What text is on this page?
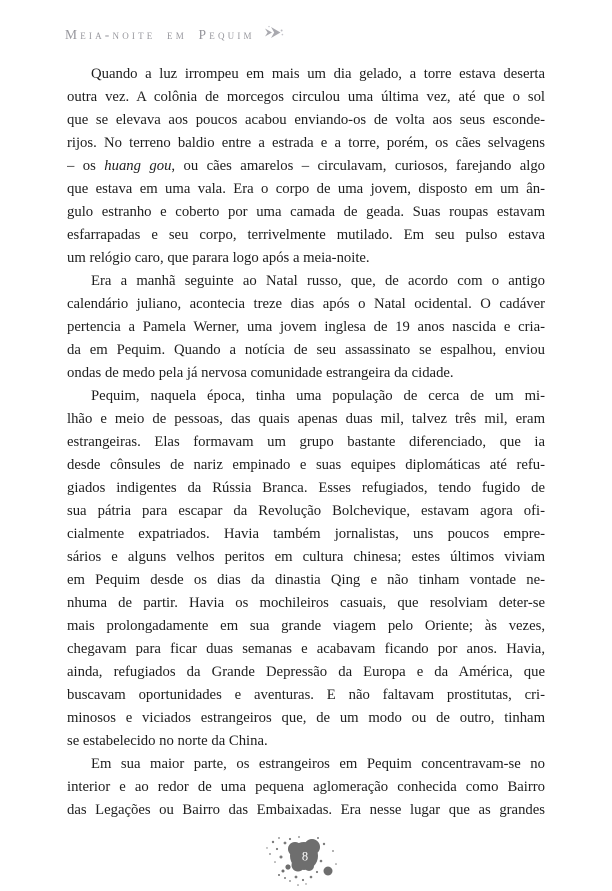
Meia-noite em Pequim
Quando a luz irrompeu em mais um dia gelado, a torre estava deserta
outra vez. A colônia de morcegos circulou uma última vez, até que o sol
que se elevava aos poucos acabou enviando-os de volta aos seus esconde-
rijos. No terreno baldio entre a estrada e a torre, porém, os cães selvagens
– os huang gou, ou cães amarelos – circulavam, curiosos, farejando algo
que estava em uma vala. Era o corpo de uma jovem, disposto em um ân-
gulo estranho e coberto por uma camada de geada. Suas roupas estavam
esfarrapadas e seu corpo, terrivelmente mutilado. Em seu pulso estava
um relógio caro, que parara logo após a meia-noite.
Era a manhã seguinte ao Natal russo, que, de acordo com o antigo
calendário juliano, acontecia treze dias após o Natal ocidental. O cadáver
pertencia a Pamela Werner, uma jovem inglesa de 19 anos nascida e cria-
da em Pequim. Quando a notícia de seu assassinato se espalhou, enviou
ondas de medo pela já nervosa comunidade estrangeira da cidade.
Pequim, naquela época, tinha uma população de cerca de um mi-
lhão e meio de pessoas, das quais apenas duas mil, talvez três mil, eram
estrangeiras. Elas formavam um grupo bastante diferenciado, que ia
desde cônsules de nariz empinado e suas equipes diplomáticas até refu-
giados indigentes da Rússia Branca. Esses refugiados, tendo fugido de
sua pátria para escapar da Revolução Bolchevique, estavam agora ofi-
cialmente expatriados. Havia também jornalistas, uns poucos empre-
sários e alguns velhos peritos em cultura chinesa; estes últimos viviam
em Pequim desde os dias da dinastia Qing e não tinham vontade ne-
nhuma de partir. Havia os mochileiros casuais, que resolviam deter-se
mais prolongadamente em sua grande viagem pelo Oriente; às vezes,
chegavam para ficar duas semanas e acabavam ficando por anos. Havia,
ainda, refugiados da Grande Depressão da Europa e da América, que
buscavam oportunidades e aventuras. E não faltavam prostitutas, cri-
minosos e viciados estrangeiros que, de um modo ou de outro, tinham
se estabelecido no norte da China.
Em sua maior parte, os estrangeiros em Pequim concentravam-se no
interior e ao redor de uma pequena aglomeração conhecida como Bairro
das Legações ou Bairro das Embaixadas. Era nesse lugar que as grandes
8
